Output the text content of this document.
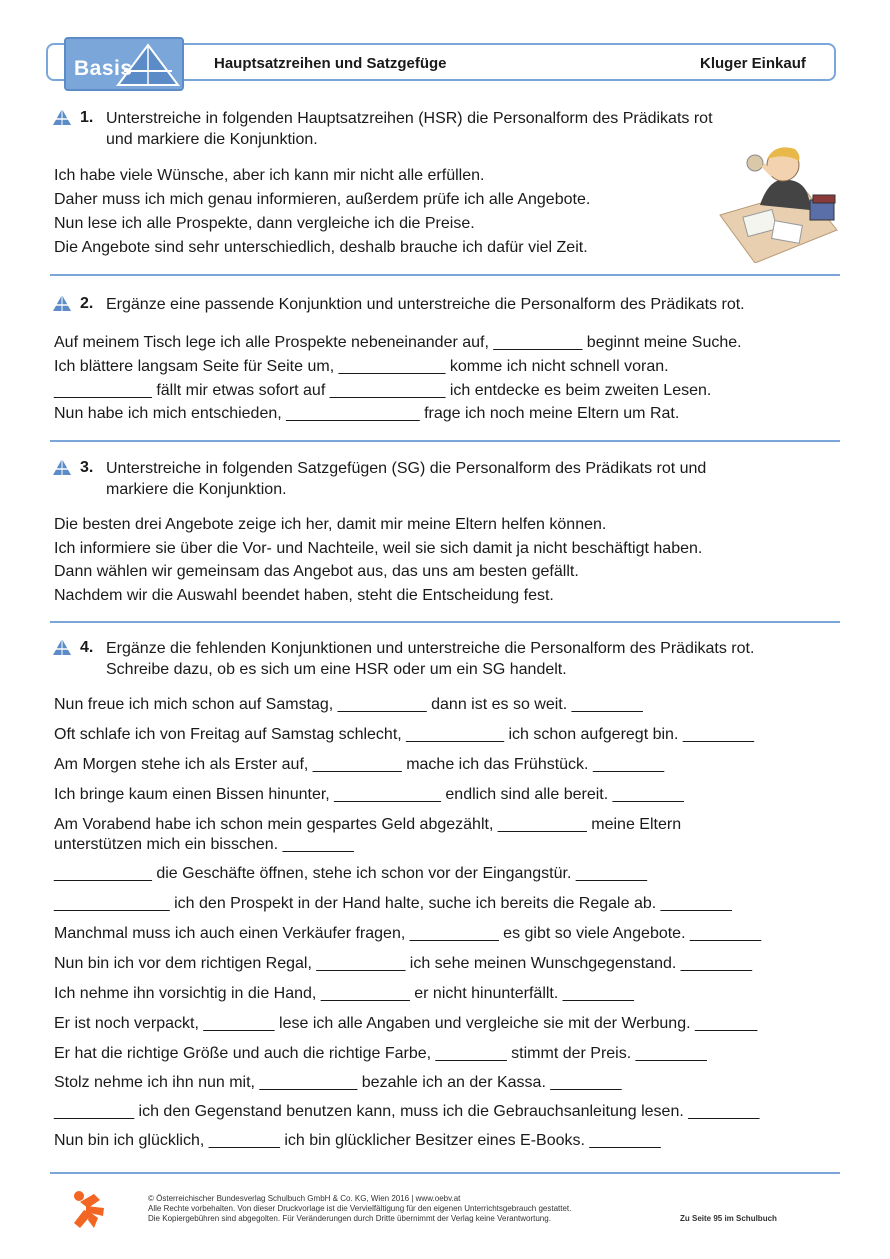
Basis	Hauptsatzreihen und Satzgefüge	Kluger Einkauf
1. Unterstreiche in folgenden Hauptsatzreihen (HSR) die Personalform des Prädikats rot
und markiere die Konjunktion.
Ich habe viele Wünsche, aber ich kann mir nicht alle erfüllen.
Daher muss ich mich genau informieren, außerdem prüfe ich alle Angebote.
Nun lese ich alle Prospekte, dann vergleiche ich die Preise.
Die Angebote sind sehr unterschiedlich, deshalb brauche ich dafür viel Zeit.
2. Ergänze eine passende Konjunktion und unterstreiche die Personalform des Prädikats rot.
Auf meinem Tisch lege ich alle Prospekte nebeneinander auf, __________ beginnt meine Suche.
Ich blättere langsam Seite für Seite um, ____________ komme ich nicht schnell voran.
___________ fällt mir etwas sofort auf _____________ ich entdecke es beim zweiten Lesen.
Nun habe ich mich entschieden, _______________ frage ich noch meine Eltern um Rat.
3. Unterstreiche in folgenden Satzgefügen (SG) die Personalform des Prädikats rot und
markiere die Konjunktion.
Die besten drei Angebote zeige ich her, damit mir meine Eltern helfen können.
Ich informiere sie über die Vor- und Nachteile, weil sie sich damit ja nicht beschäftigt haben.
Dann wählen wir gemeinsam das Angebot aus, das uns am besten gefällt.
Nachdem wir die Auswahl beendet haben, steht die Entscheidung fest.
4. Ergänze die fehlenden Konjunktionen und unterstreiche die Personalform des Prädikats rot.
Schreibe dazu, ob es sich um eine HSR oder um ein SG handelt.
Nun freue ich mich schon auf Samstag, __________ dann ist es so weit. ________
Oft schlafe ich von Freitag auf Samstag schlecht, ___________ ich schon aufgeregt bin. ________
Am Morgen stehe ich als Erster auf, __________ mache ich das Frühstück. ________
Ich bringe kaum einen Bissen hinunter, ____________ endlich sind alle bereit. ________
Am Vorabend habe ich schon mein gespartes Geld abgezählt, __________ meine Eltern
unterstützen mich ein bisschen. ________
___________ die Geschäfte öffnen, stehe ich schon vor der Eingangstür. ________
_____________ ich den Prospekt in der Hand halte, suche ich bereits die Regale ab. ________
Manchmal muss ich auch einen Verkäufer fragen, __________ es gibt so viele Angebote. ________
Nun bin ich vor dem richtigen Regal, __________ ich sehe meinen Wunschgegenstand. ________
Ich nehme ihn vorsichtig in die Hand, __________ er nicht hinunterfällt. ________
Er ist noch verpackt, ________ lese ich alle Angaben und vergleiche sie mit der Werbung. _______
Er hat die richtige Größe und auch die richtige Farbe, ________ stimmt der Preis. ________
Stolz nehme ich ihn nun mit, ___________ bezahle ich an der Kassa. ________
_________ ich den Gegenstand benutzen kann, muss ich die Gebrauchsanleitung lesen. ________
Nun bin ich glücklich, ________ ich bin glücklicher Besitzer eines E-Books. ________
© Österreichischer Bundesverlag Schulbuch GmbH & Co. KG, Wien 2016 | www.oebv.at
Alle Rechte vorbehalten. Von dieser Druckvorlage ist die Vervielfältigung für den eigenen Unterrichtsgebrauch gestattet.
Die Kopiergebühren sind abgegolten. Für Veränderungen durch Dritte übernimmt der Verlag keine Verantwortung.	Zu Seite 95 im Schulbuch
